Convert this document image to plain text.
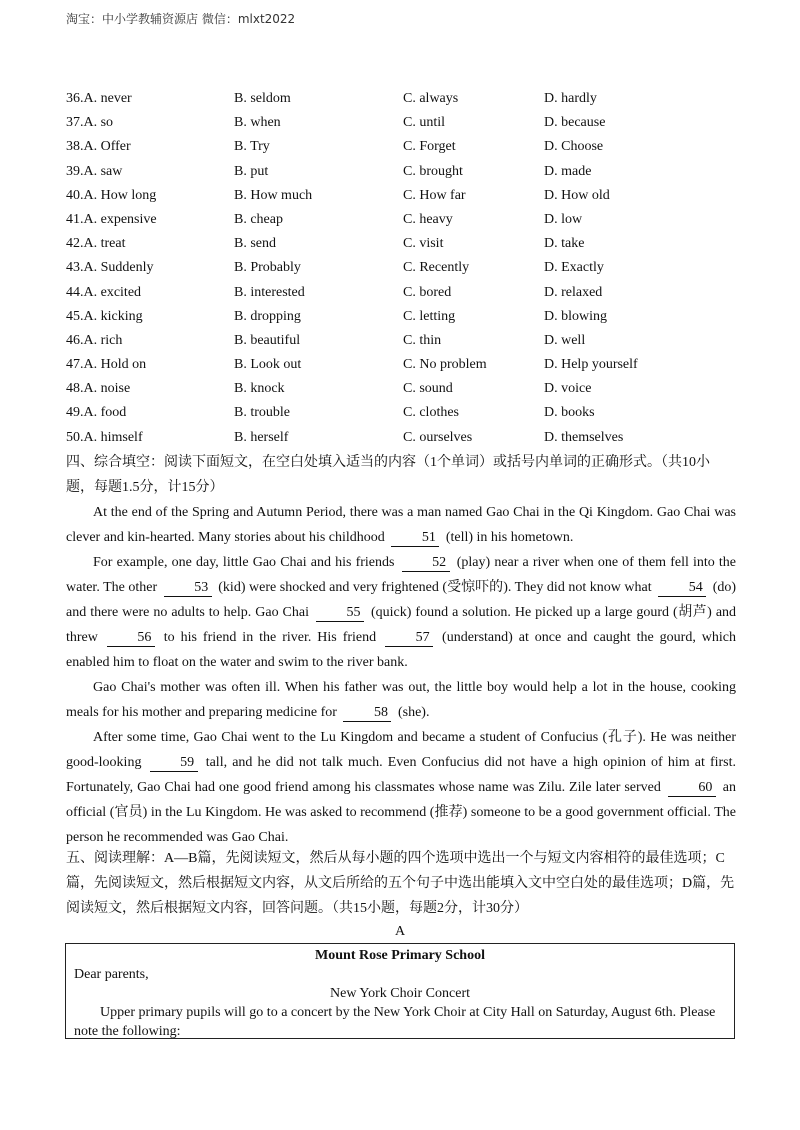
淘宝：中小学教辅资源店 微信：mlxt2022
36.A. never	B. seldom	C. always	D. hardly
37.A. so	B. when	C. until	D. because
38.A. Offer	B. Try	C. Forget	D. Choose
39.A. saw	B. put	C. brought	D. made
40.A. How long	B. How much	C. How far	D. How old
41.A. expensive	B. cheap	C. heavy	D. low
42.A. treat	B. send	C. visit	D. take
43.A. Suddenly	B. Probably	C. Recently	D. Exactly
44.A. excited	B. interested	C. bored	D. relaxed
45.A. kicking	B. dropping	C. letting	D. blowing
46.A. rich	B. beautiful	C. thin	D. well
47.A. Hold on	B. Look out	C. No problem	D. Help yourself
48.A. noise	B. knock	C. sound	D. voice
49.A. food	B. trouble	C. clothes	D. books
50.A. himself	B. herself	C. ourselves	D. themselves
四、综合填空：阅读下面短文，在空白处填入适当的内容（1个单词）或括号内单词的正确形式。（共10小题，每题1.5分，计15分）

At the end of the Spring and Autumn Period, there was a man named Gao Chai in the Qi Kingdom. Gao Chai was clever and kin-hearted. Many stories about his childhood	51 (tell) in his hometown.

For example, one day, little Gao Chai and his friends	52 (play) near a river when one of them fell into the water. The other	53 (kid) were shocked and very frightened (受惊吓的). They did not know what	54 (do) and there were no adults to help. Gao Chai	55 (quick) found a solution. He picked up a large gourd (胡芦) and threw	56 to his friend in the river. His friend	57 (understand) at once and caught the gourd, which enabled him to float on the water and swim to the river bank.

Gao Chai's mother was often ill. When his father was out, the little boy would help a lot in the house, cooking meals for his mother and preparing medicine for	58 (she).

After some time, Gao Chai went to the Lu Kingdom and became a student of Confucius (孔子). He was neither good-looking	59 tall, and he did not talk much. Even Confucius did not have a high opinion of him at first. Fortunately, Gao Chai had one good friend among his classmates whose name was Zilu. Zile later served	60 an official (官员) in the Lu Kingdom. He was asked to recommend (推荐) someone to be a good government official. The person he recommended was Gao Chai.

五、阅读理解：A—B篇，先阅读短文，然后从每小题的四个选项中选出一个与短文内容相符的最佳选项；C篇，先阅读短文，然后根据短文内容，从文后所给的五个句子中选出能填入文中空白处的最佳选项；D篇，先阅读短文，然后根据短文内容，回答问题。（共15小题，每题2分，计30分）
A
Mount Rose Primary School
Dear parents,
New York Choir Concert
Upper primary pupils will go to a concert by the New York Choir at City Hall on Saturday, August 6th. Please note the following:
